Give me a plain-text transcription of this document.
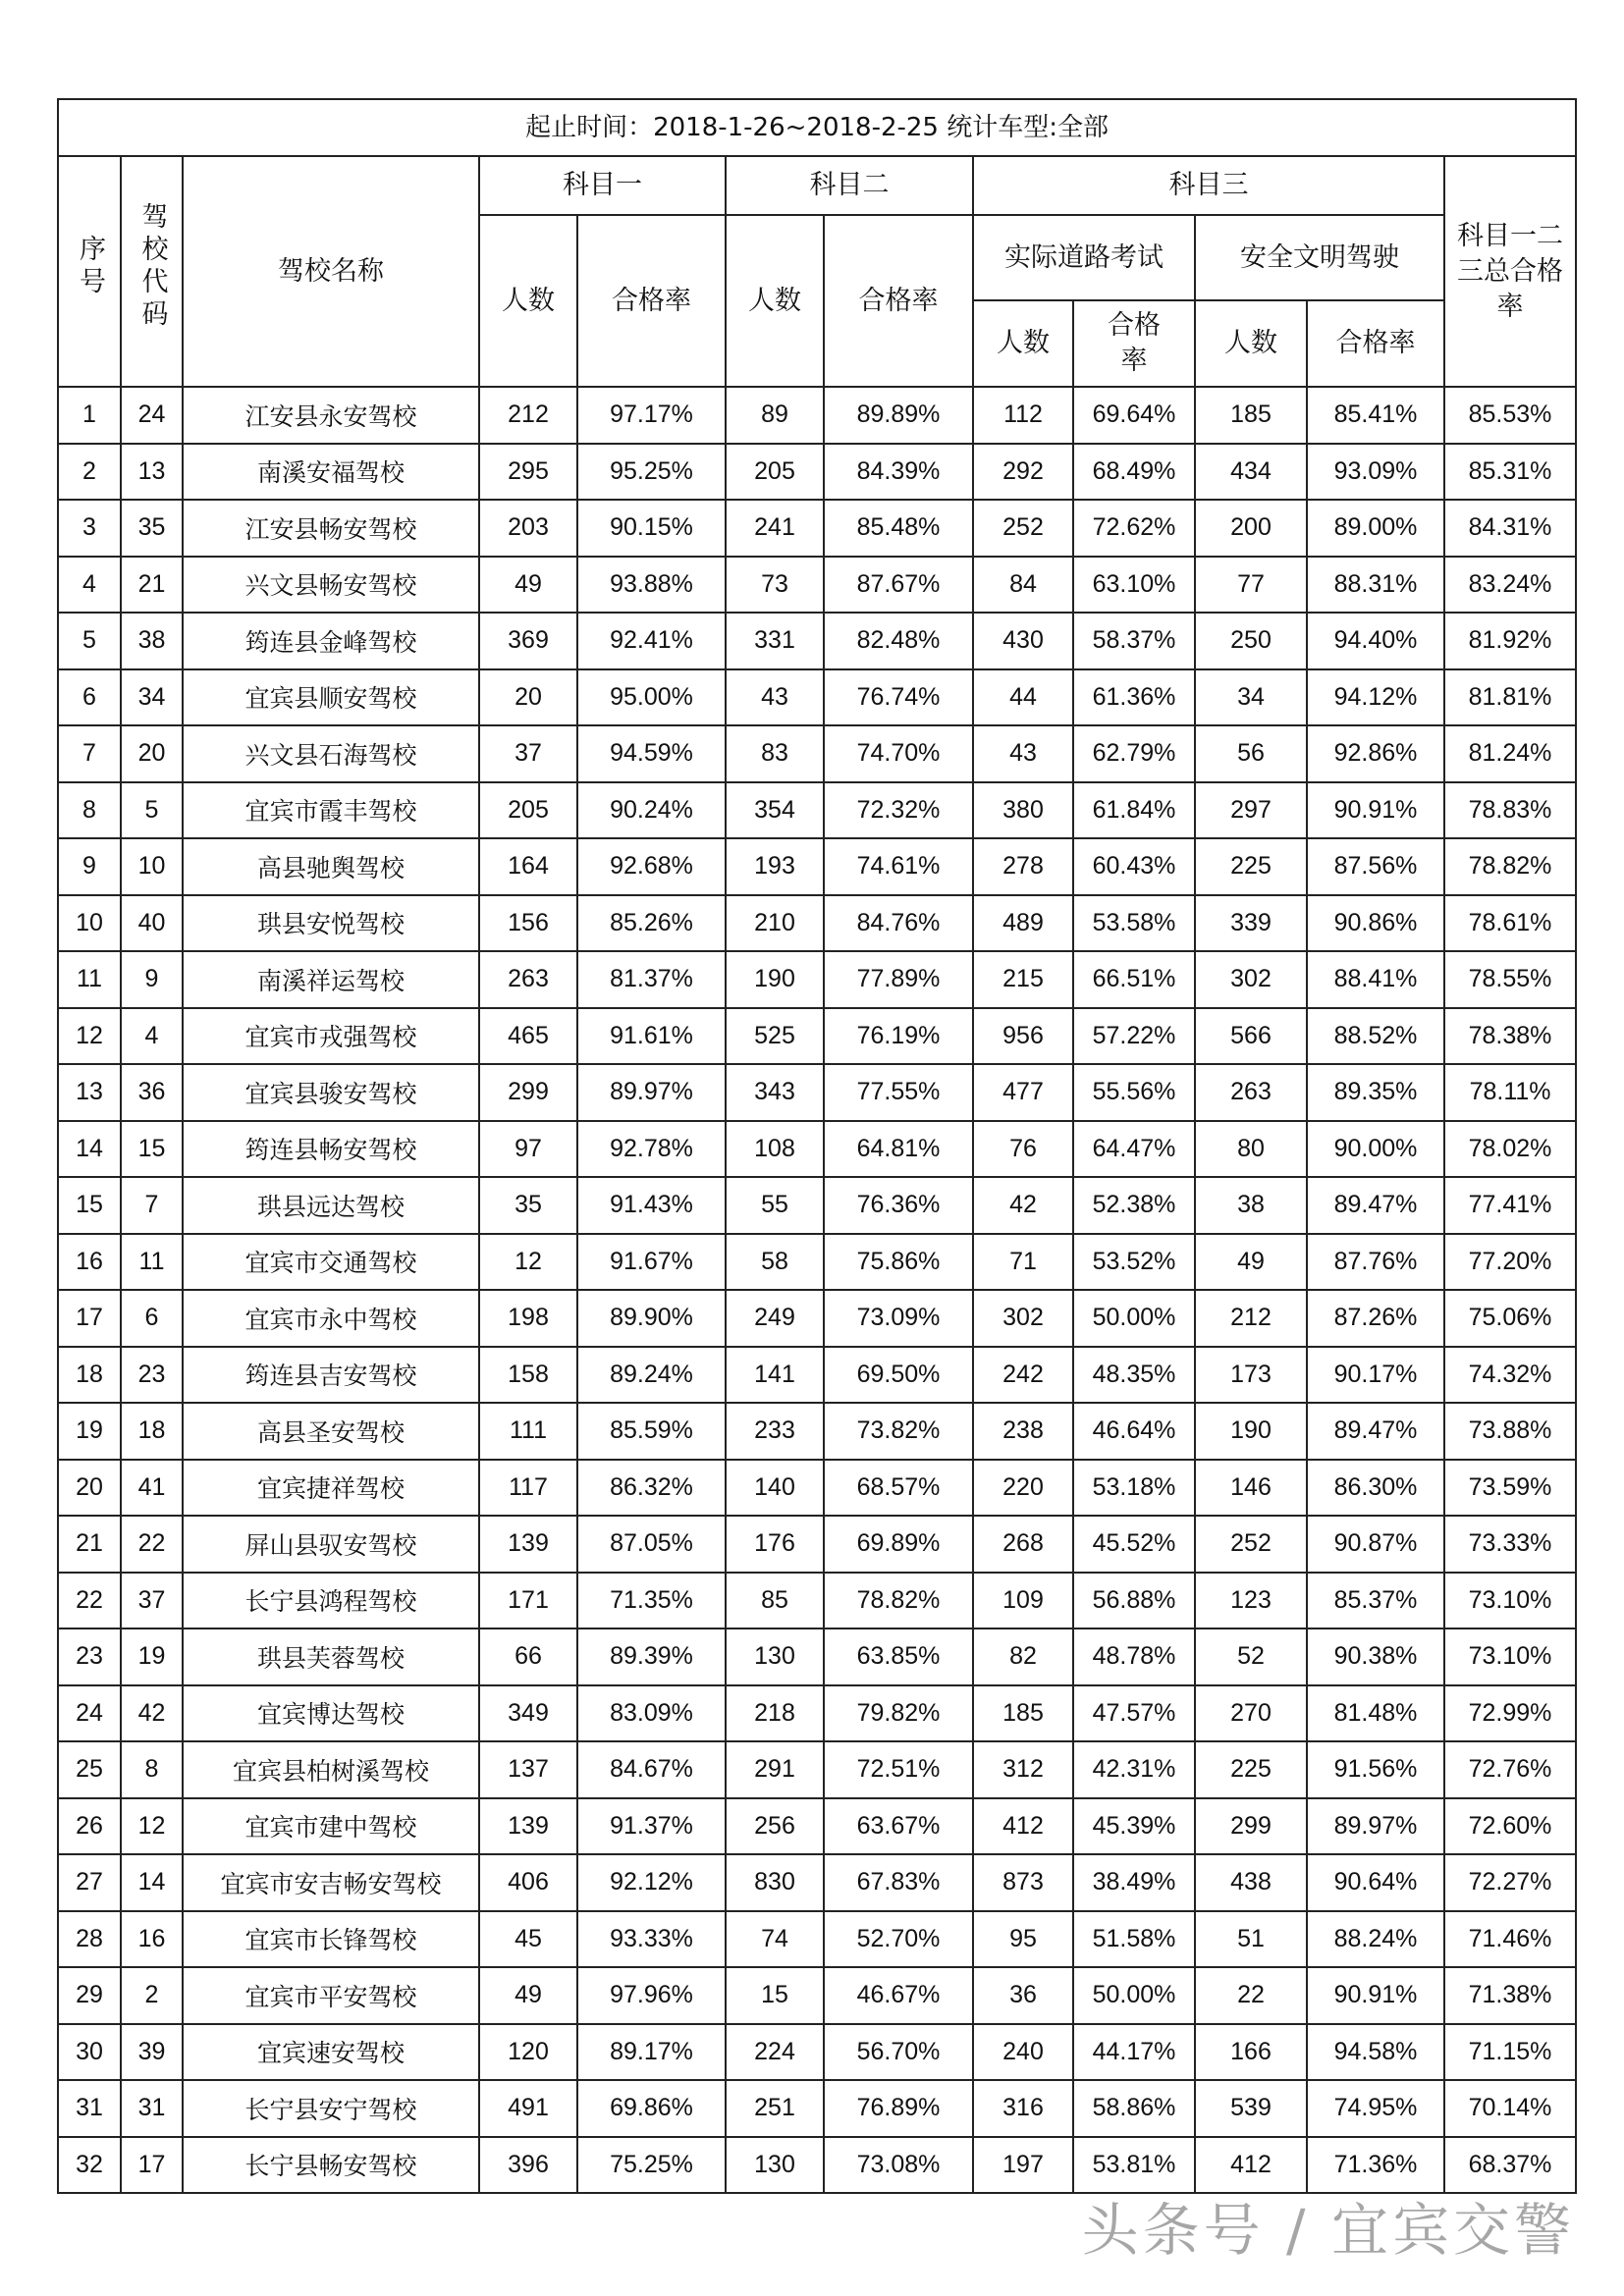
起止时间：2018-1-26~2018-2-25 统计车型:全部											
序号	驾校代码	驾校名称	科目一		科目二		科目三				科目一二三总合格率
			人数	合格率	人数	合格率	实际道路考试		安全文明驾驶		
							人数	合格率	人数	合格率	
1	24	江安县永安驾校	212	97.17%	89	89.89%	112	69.64%	185	85.41%	85.53%
2	13	南溪安福驾校	295	95.25%	205	84.39%	292	68.49%	434	93.09%	85.31%
3	35	江安县畅安驾校	203	90.15%	241	85.48%	252	72.62%	200	89.00%	84.31%
4	21	兴文县畅安驾校	49	93.88%	73	87.67%	84	63.10%	77	88.31%	83.24%
5	38	筠连县金峰驾校	369	92.41%	331	82.48%	430	58.37%	250	94.40%	81.92%
6	34	宜宾县顺安驾校	20	95.00%	43	76.74%	44	61.36%	34	94.12%	81.81%
7	20	兴文县石海驾校	37	94.59%	83	74.70%	43	62.79%	56	92.86%	81.24%
8	5	宜宾市霞丰驾校	205	90.24%	354	72.32%	380	61.84%	297	90.91%	78.83%
9	10	高县驰舆驾校	164	92.68%	193	74.61%	278	60.43%	225	87.56%	78.82%
10	40	珙县安悦驾校	156	85.26%	210	84.76%	489	53.58%	339	90.86%	78.61%
11	9	南溪祥运驾校	263	81.37%	190	77.89%	215	66.51%	302	88.41%	78.55%
12	4	宜宾市戎强驾校	465	91.61%	525	76.19%	956	57.22%	566	88.52%	78.38%
13	36	宜宾县骏安驾校	299	89.97%	343	77.55%	477	55.56%	263	89.35%	78.11%
14	15	筠连县畅安驾校	97	92.78%	108	64.81%	76	64.47%	80	90.00%	78.02%
15	7	珙县远达驾校	35	91.43%	55	76.36%	42	52.38%	38	89.47%	77.41%
16	11	宜宾市交通驾校	12	91.67%	58	75.86%	71	53.52%	49	87.76%	77.20%
17	6	宜宾市永中驾校	198	89.90%	249	73.09%	302	50.00%	212	87.26%	75.06%
18	23	筠连县吉安驾校	158	89.24%	141	69.50%	242	48.35%	173	90.17%	74.32%
19	18	高县圣安驾校	111	85.59%	233	73.82%	238	46.64%	190	89.47%	73.88%
20	41	宜宾捷祥驾校	117	86.32%	140	68.57%	220	53.18%	146	86.30%	73.59%
21	22	屏山县驭安驾校	139	87.05%	176	69.89%	268	45.52%	252	90.87%	73.33%
22	37	长宁县鸿程驾校	171	71.35%	85	78.82%	109	56.88%	123	85.37%	73.10%
23	19	珙县芙蓉驾校	66	89.39%	130	63.85%	82	48.78%	52	90.38%	73.10%
24	42	宜宾博达驾校	349	83.09%	218	79.82%	185	47.57%	270	81.48%	72.99%
25	8	宜宾县柏树溪驾校	137	84.67%	291	72.51%	312	42.31%	225	91.56%	72.76%
26	12	宜宾市建中驾校	139	91.37%	256	63.67%	412	45.39%	299	89.97%	72.60%
27	14	宜宾市安吉畅安驾校	406	92.12%	830	67.83%	873	38.49%	438	90.64%	72.27%
28	16	宜宾市长锋驾校	45	93.33%	74	52.70%	95	51.58%	51	88.24%	71.46%
29	2	宜宾市平安驾校	49	97.96%	15	46.67%	36	50.00%	22	90.91%	71.38%
30	39	宜宾速安驾校	120	89.17%	224	56.70%	240	44.17%	166	94.58%	71.15%
31	31	长宁县安宁驾校	491	69.86%	251	76.89%	316	58.86%	539	74.95%	70.14%
32	17	长宁县畅安驾校	396	75.25%	130	73.08%	197	53.81%	412	71.36%	68.37%
头条号 / 宜宾交警
